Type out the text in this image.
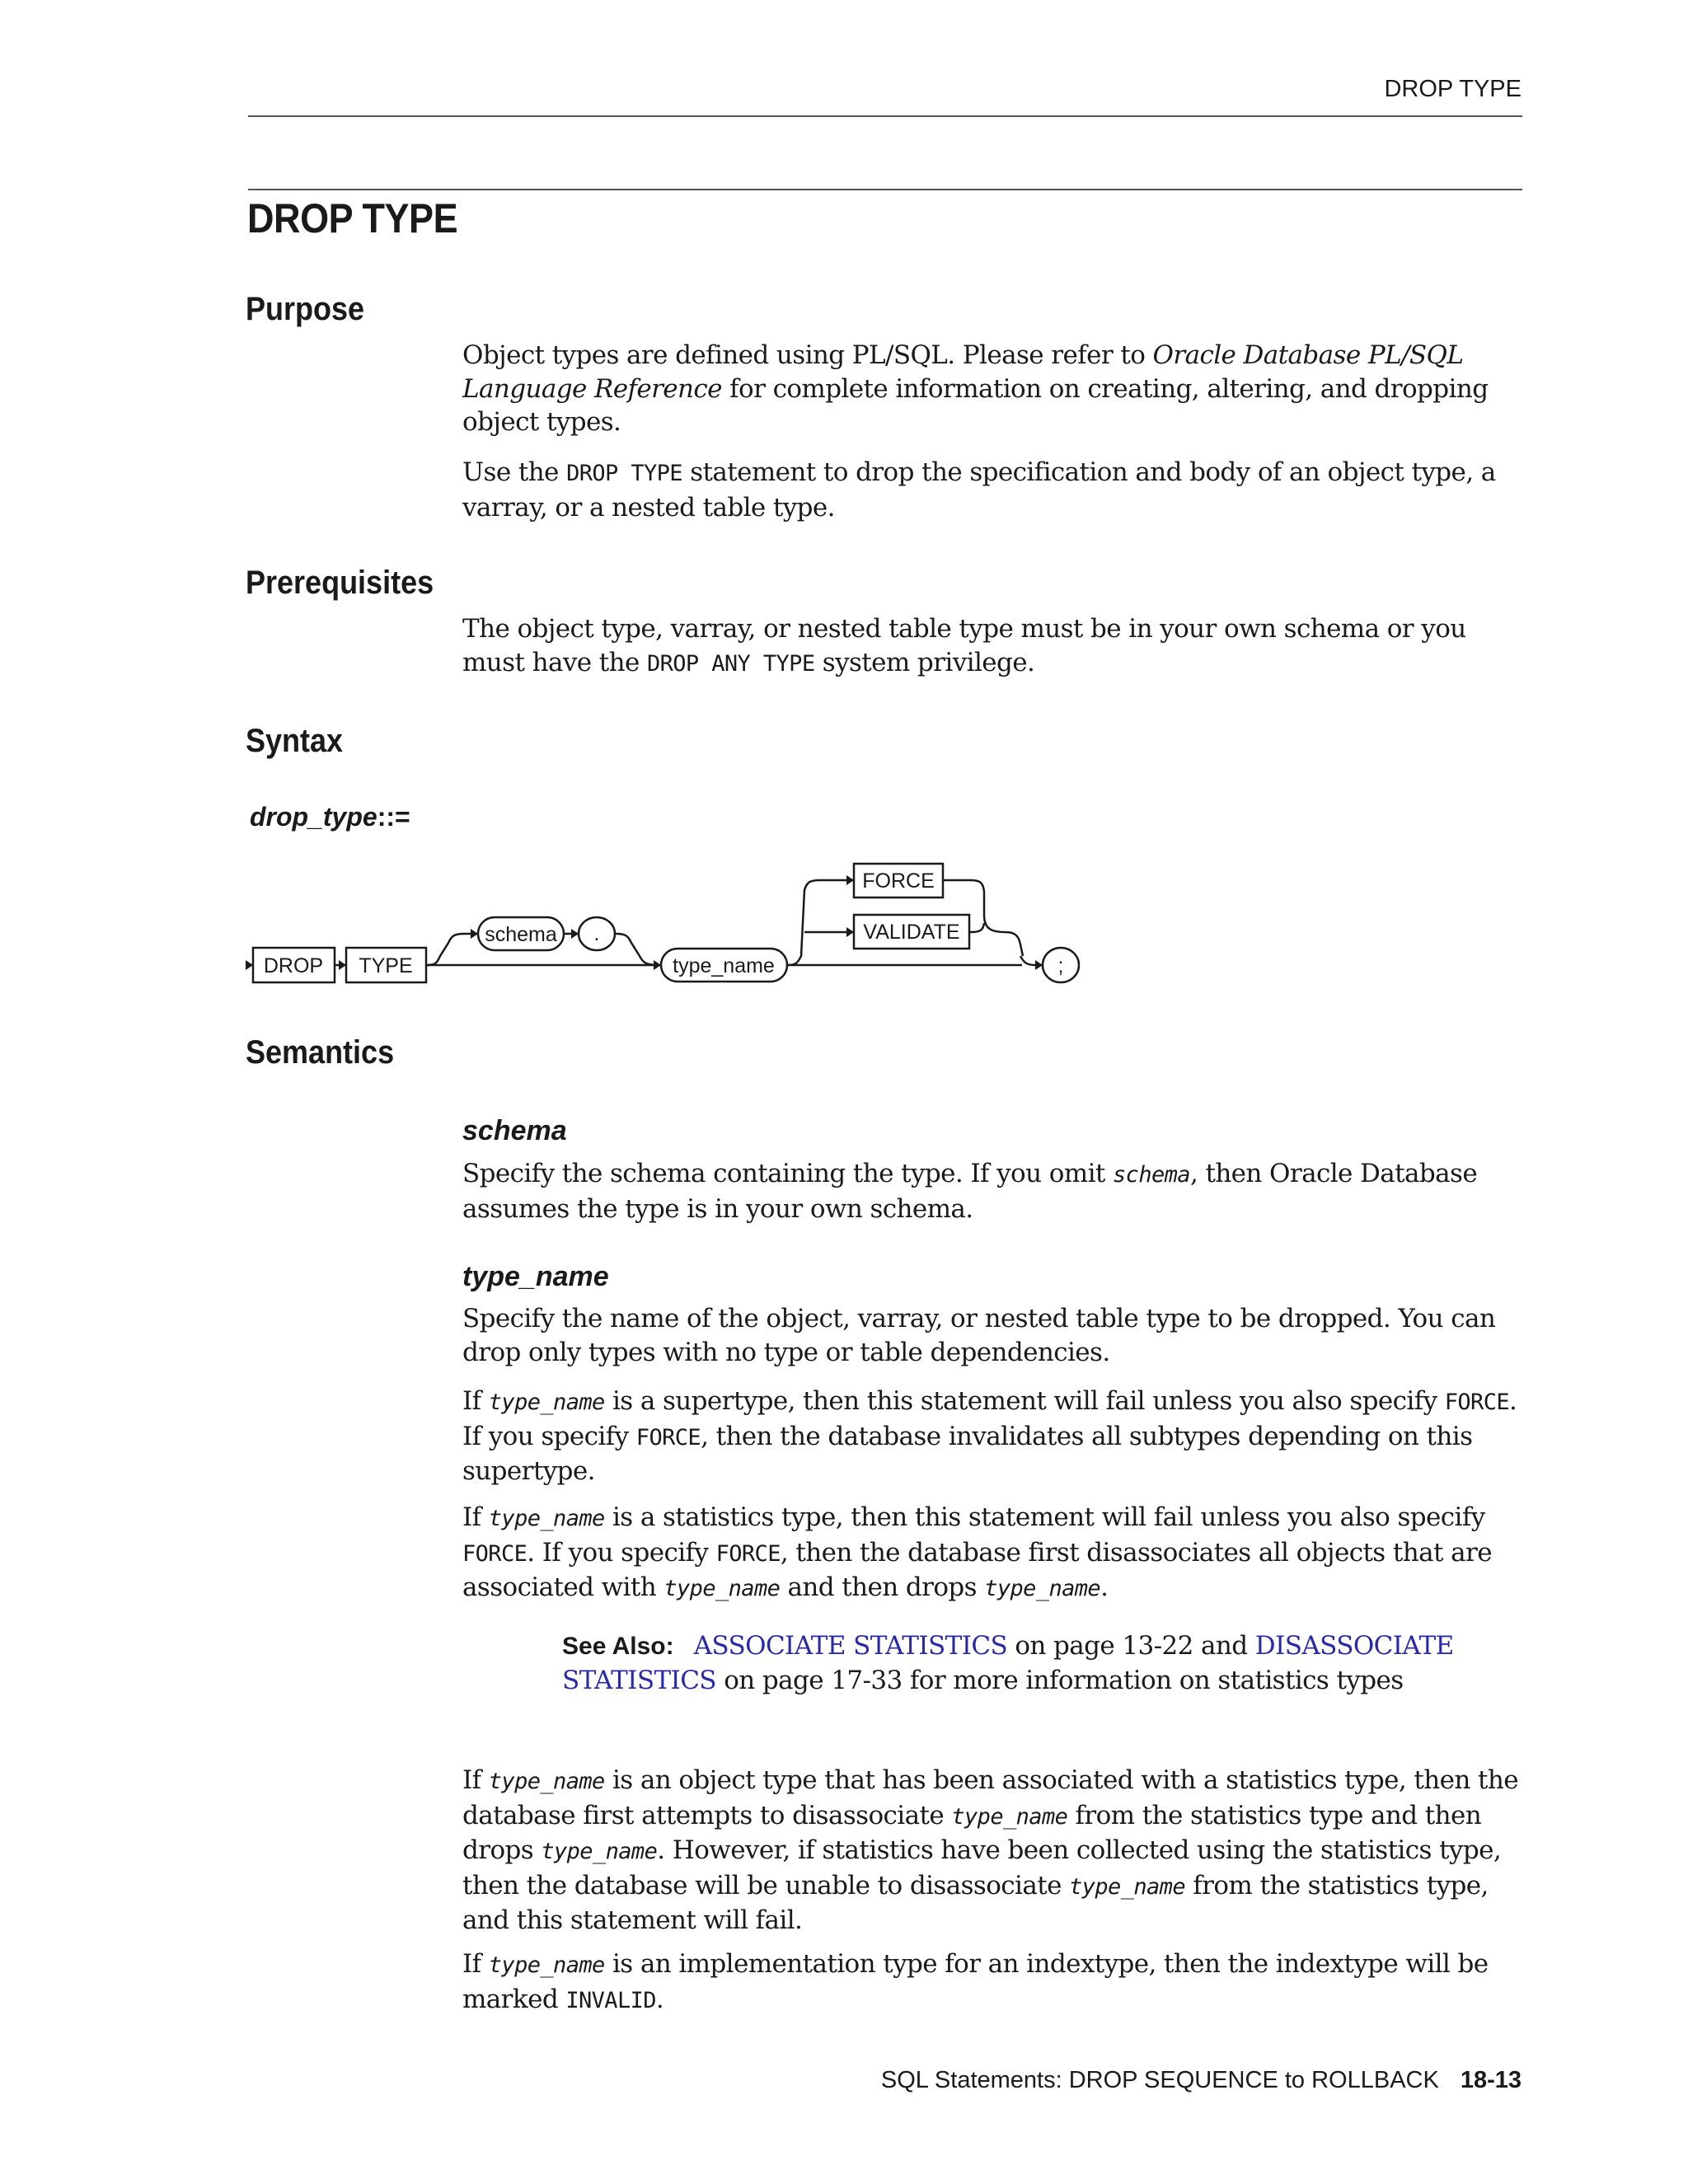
DROP TYPE
DROP TYPE
Purpose

Object types are defined using PL/SQL. Please refer to Oracle Database PL/SQL Language Reference for complete information on creating, altering, and dropping object types.

Use the DROP TYPE statement to drop the specification and body of an object type, a varray, or a nested table type.

Prerequisites

The object type, varray, or nested table type must be in your own schema or you must have the DROP ANY TYPE system privilege.

Syntax

drop_type::=

DROP TYPE
schema .
type_name
FORCE
VALIDATE
;
Semantics
schema

Specify the schema containing the type. If you omit schema, then Oracle Database assumes the type is in your own schema.

type_name

Specify the name of the object, varray, or nested table type to be dropped. You can drop only types with no type or table dependencies.

If type_name is a supertype, then this statement will fail unless you also specify FORCE. If you specify FORCE, then the database invalidates all subtypes depending on this supertype.

If type_name is a statistics type, then this statement will fail unless you also specify FORCE. If you specify FORCE, then the database first disassociates all objects that are associated with type_name and then drops type_name.

See Also: ASSOCIATE STATISTICS on page 13-22 and DISASSOCIATE STATISTICS on page 17-33 for more information on statistics types

If type_name is an object type that has been associated with a statistics type, then the database first attempts to disassociate type_name from the statistics type and then drops type_name. However, if statistics have been collected using the statistics type, then the database will be unable to disassociate type_name from the statistics type, and this statement will fail.

If type_name is an implementation type for an indextype, then the indextype will be marked INVALID.

SQL Statements: DROP SEQUENCE to ROLLBACK 18-13
